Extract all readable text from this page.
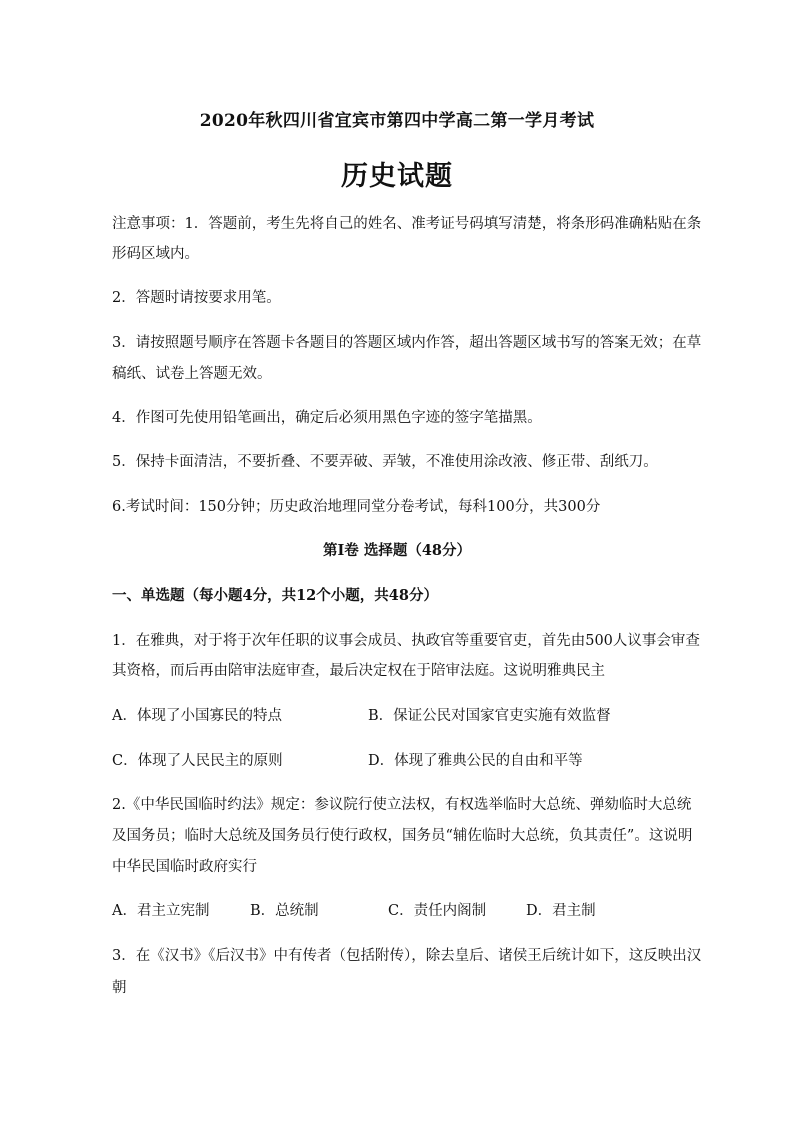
2020年秋四川省宜宾市第四中学高二第一学月考试
历史试题
注意事项：1．答题前，考生先将自己的姓名、准考证号码填写清楚，将条形码准确粘贴在条
形码区域内。
2．答题时请按要求用笔。
3．请按照题号顺序在答题卡各题目的答题区域内作答，超出答题区域书写的答案无效；在草
稿纸、试卷上答题无效。
4．作图可先使用铅笔画出，确定后必须用黑色字迹的签字笔描黑。
5．保持卡面清洁，不要折叠、不要弄破、弄皱，不准使用涂改液、修正带、刮纸刀。
6.考试时间：150分钟；历史政治地理同堂分卷考试，每科100分，共300分
第Ⅰ卷 选择题（48分）
一、单选题（每小题4分，共12个小题，共48分）
1．在雅典，对于将于次年任职的议事会成员、执政官等重要官吏，首先由500人议事会审查
其资格，而后再由陪审法庭审查，最后决定权在于陪审法庭。这说明雅典民主
A．体现了小国寡民的特点	B．保证公民对国家官吏实施有效监督
C．体现了人民民主的原则	D．体现了雅典公民的自由和平等
2.《中华民国临时约法》规定：参议院行使立法权，有权选举临时大总统、弹劾临时大总统
及国务员；临时大总统及国务员行使行政权，国务员“辅佐临时大总统，负其责任”。这说明
中华民国临时政府实行
A．君主立宪制	B．总统制	C．责任内阁制	D．君主制
3．在《汉书》《后汉书》中有传者（包括附传），除去皇后、诸侯王后统计如下，这反映出汉
朝
